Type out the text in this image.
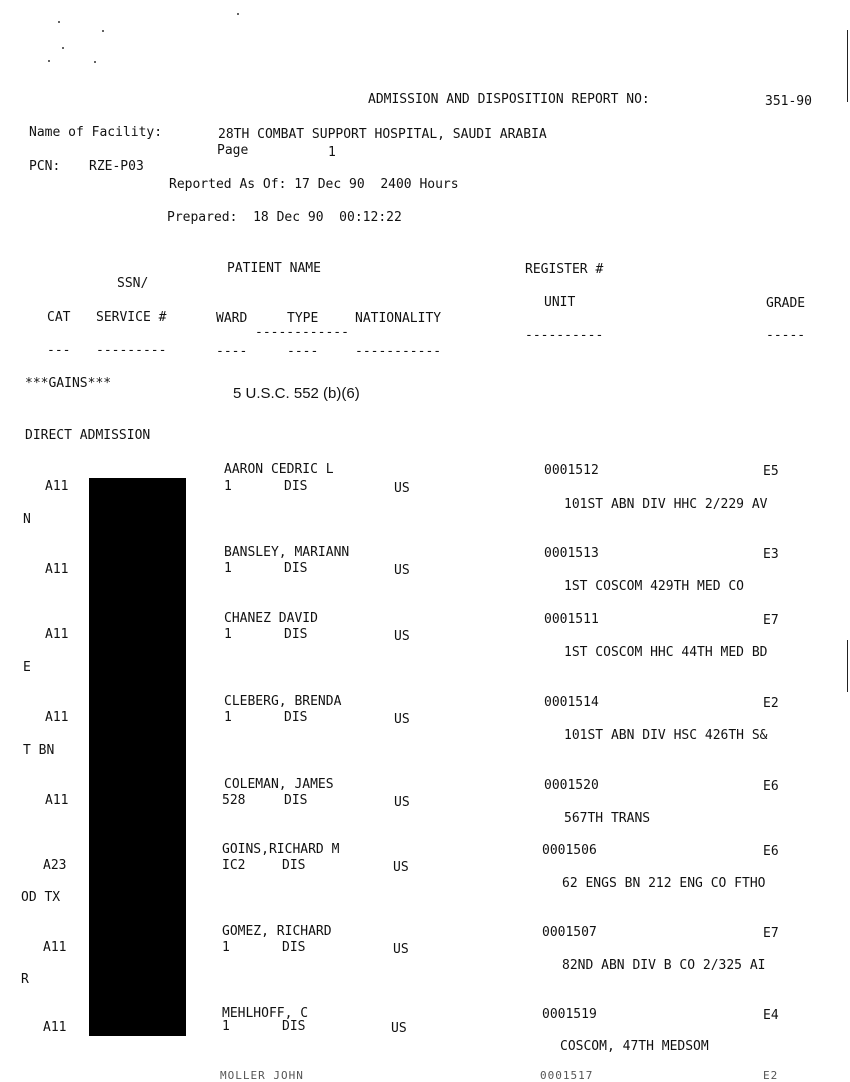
ADMISSION AND DISPOSITION REPORT NO:	351-90
Name of Facility:	28TH COMBAT SUPPORT HOSPITAL, SAUDI ARABIA
Page	1
PCN: RZE-P03
Reported As Of: 17 Dec 90  2400 Hours
Prepared:  18 Dec 90  00:12:22
PATIENT NAME	REGISTER #
SSN/
UNIT	GRADE
CAT SERVICE #	WARD	TYPE	NATIONALITY
------------	----------	-----
--- ---------	----	----	-----------
***GAINS***
5 U.S.C. 552 (b)(6)
DIRECT ADMISSION
AARON CEDRIC L	0001512	E5
A11	1	DIS	US
101ST ABN DIV HHC 2/229 AV
N
BANSLEY, MARIANN	0001513	E3
A11	1	DIS	US
1ST COSCOM 429TH MED CO
CHANEZ DAVID	0001511	E7
A11	1	DIS	US
1ST COSCOM HHC 44TH MED BD
E
CLEBERG, BRENDA	0001514	E2
A11	1	DIS	US
101ST ABN DIV HSC 426TH S&
T BN
COLEMAN, JAMES	0001520	E6
A11	528	DIS	US
567TH TRANS
GOINS,RICHARD M	0001506	E6
A23	IC2	DIS	US
62 ENGS BN 212 ENG CO FTHO
OD TX
GOMEZ, RICHARD	0001507	E7
A11	1	DIS	US
82ND ABN DIV B CO 2/325 AI
R
MEHLHOFF, C	0001519	E4
A11	1	DIS	US
COSCOM, 47TH MEDSOM
MOLLER JOHN	0001517	E2
